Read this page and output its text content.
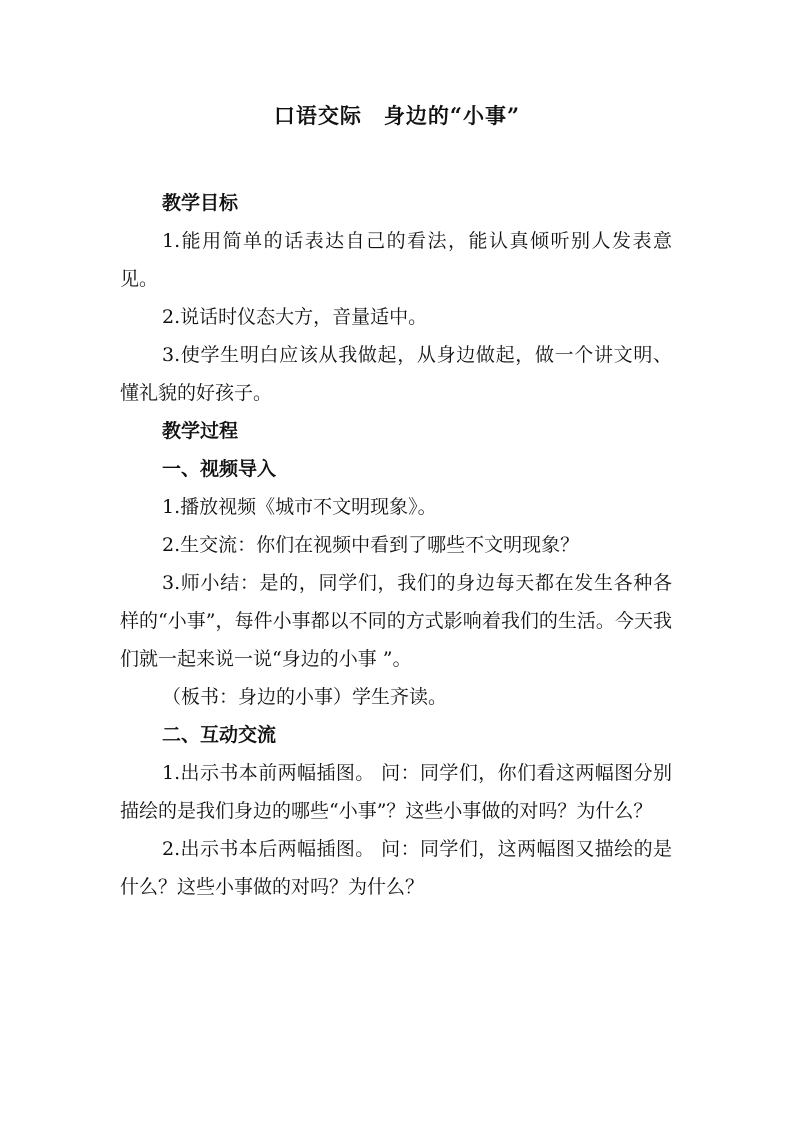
口语交际　身边的“小事”

教学目标

1.能用简单的话表达自己的看法，能认真倾听别人发表意见。

2.说话时仪态大方，音量适中。

3.使学生明白应该从我做起，从身边做起，做一个讲文明、懂礼貌的好孩子。

教学过程

一、视频导入

1.播放视频《城市不文明现象》。

2.生交流：你们在视频中看到了哪些不文明现象？

3.师小结：是的，同学们，我们的身边每天都在发生各种各样的“小事”，每件小事都以不同的方式影响着我们的生活。今天我们就一起来说一说“身边的小事 ”。

（板书：身边的小事）学生齐读。

二、互动交流

1.出示书本前两幅插图。 问：同学们，你们看这两幅图分别描绘的是我们身边的哪些“小事”？这些小事做的对吗？为什么？

2.出示书本后两幅插图。 问：同学们，这两幅图又描绘的是什么？这些小事做的对吗？为什么？
